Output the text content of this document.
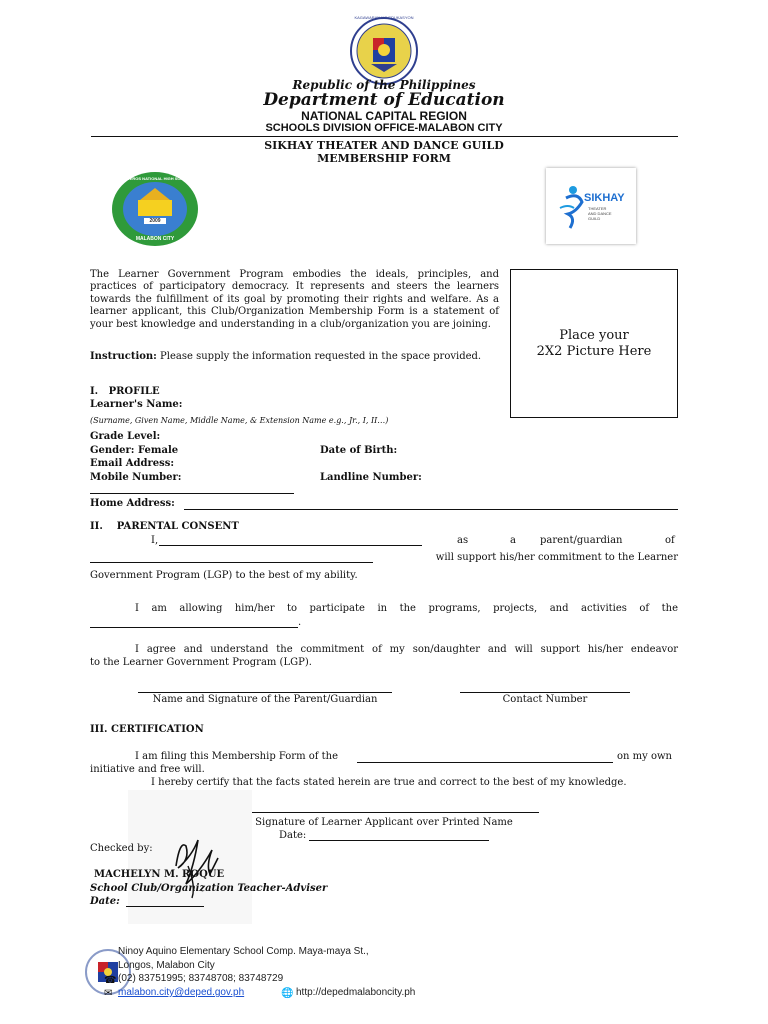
KAGAWARAN NG EDUKASYON
Republic of the Philippines
Department of Education
NATIONAL CAPITAL REGION
SCHOOLS DIVISION OFFICE-MALABON CITY
SIKHAY THEATER AND DANCE GUILD
MEMBERSHIP FORM
TINAJEROS NATIONAL HIGH SCHOOL
2009
MALABON CITY
SIKHAY
THEATER
AND DANCE
GUILD
Place your
2X2 Picture Here

The Learner Government Program embodies the ideals, principles, and practices of participatory democracy. It represents and steers the learners towards the fulfillment of its goal by promoting their rights and welfare. As a learner applicant, this Club/Organization Membership Form is a statement of your best knowledge and understanding in a club/organization you are joining.

Instruction: Please supply the information requested in the space provided.

I.   PROFILE
Learner's Name:
(Surname, Given Name, Middle Name, & Extension Name e.g., Jr., I, II…)
Grade Level:
Gender: Female	Date of Birth:
Email Address:
Mobile Number:	Landline Number:
Home Address:
II.    PARENTAL CONSENT
I,	as	a parent/guardian	of
will support his/her commitment to the Learner
Government Program (LGP) to the best of my ability.
I am allowing him/her to participate in the programs, projects, and activities of the
.
I agree and understand the commitment of my son/daughter and will support his/her endeavor
to the Learner Government Program (LGP).
Name and Signature of the Parent/Guardian	Contact Number
III. CERTIFICATION
I am filing this Membership Form of the	on my own
initiative and free will.
I hereby certify that the facts stated herein are true and correct to the best of my knowledge.
Signature of Learner Applicant over Printed Name
Date:
Checked by:
MACHELYN M. ROQUE
School Club/Organization Teacher-Adviser
Date:
Ninoy Aquino Elementary School Comp. Maya-maya St.,
Longos, Malabon City
☎ (02) 83751995; 83748708; 83748729
✉ malabon.city@deped.gov.ph	🌐 http://depedmalaboncity.ph
